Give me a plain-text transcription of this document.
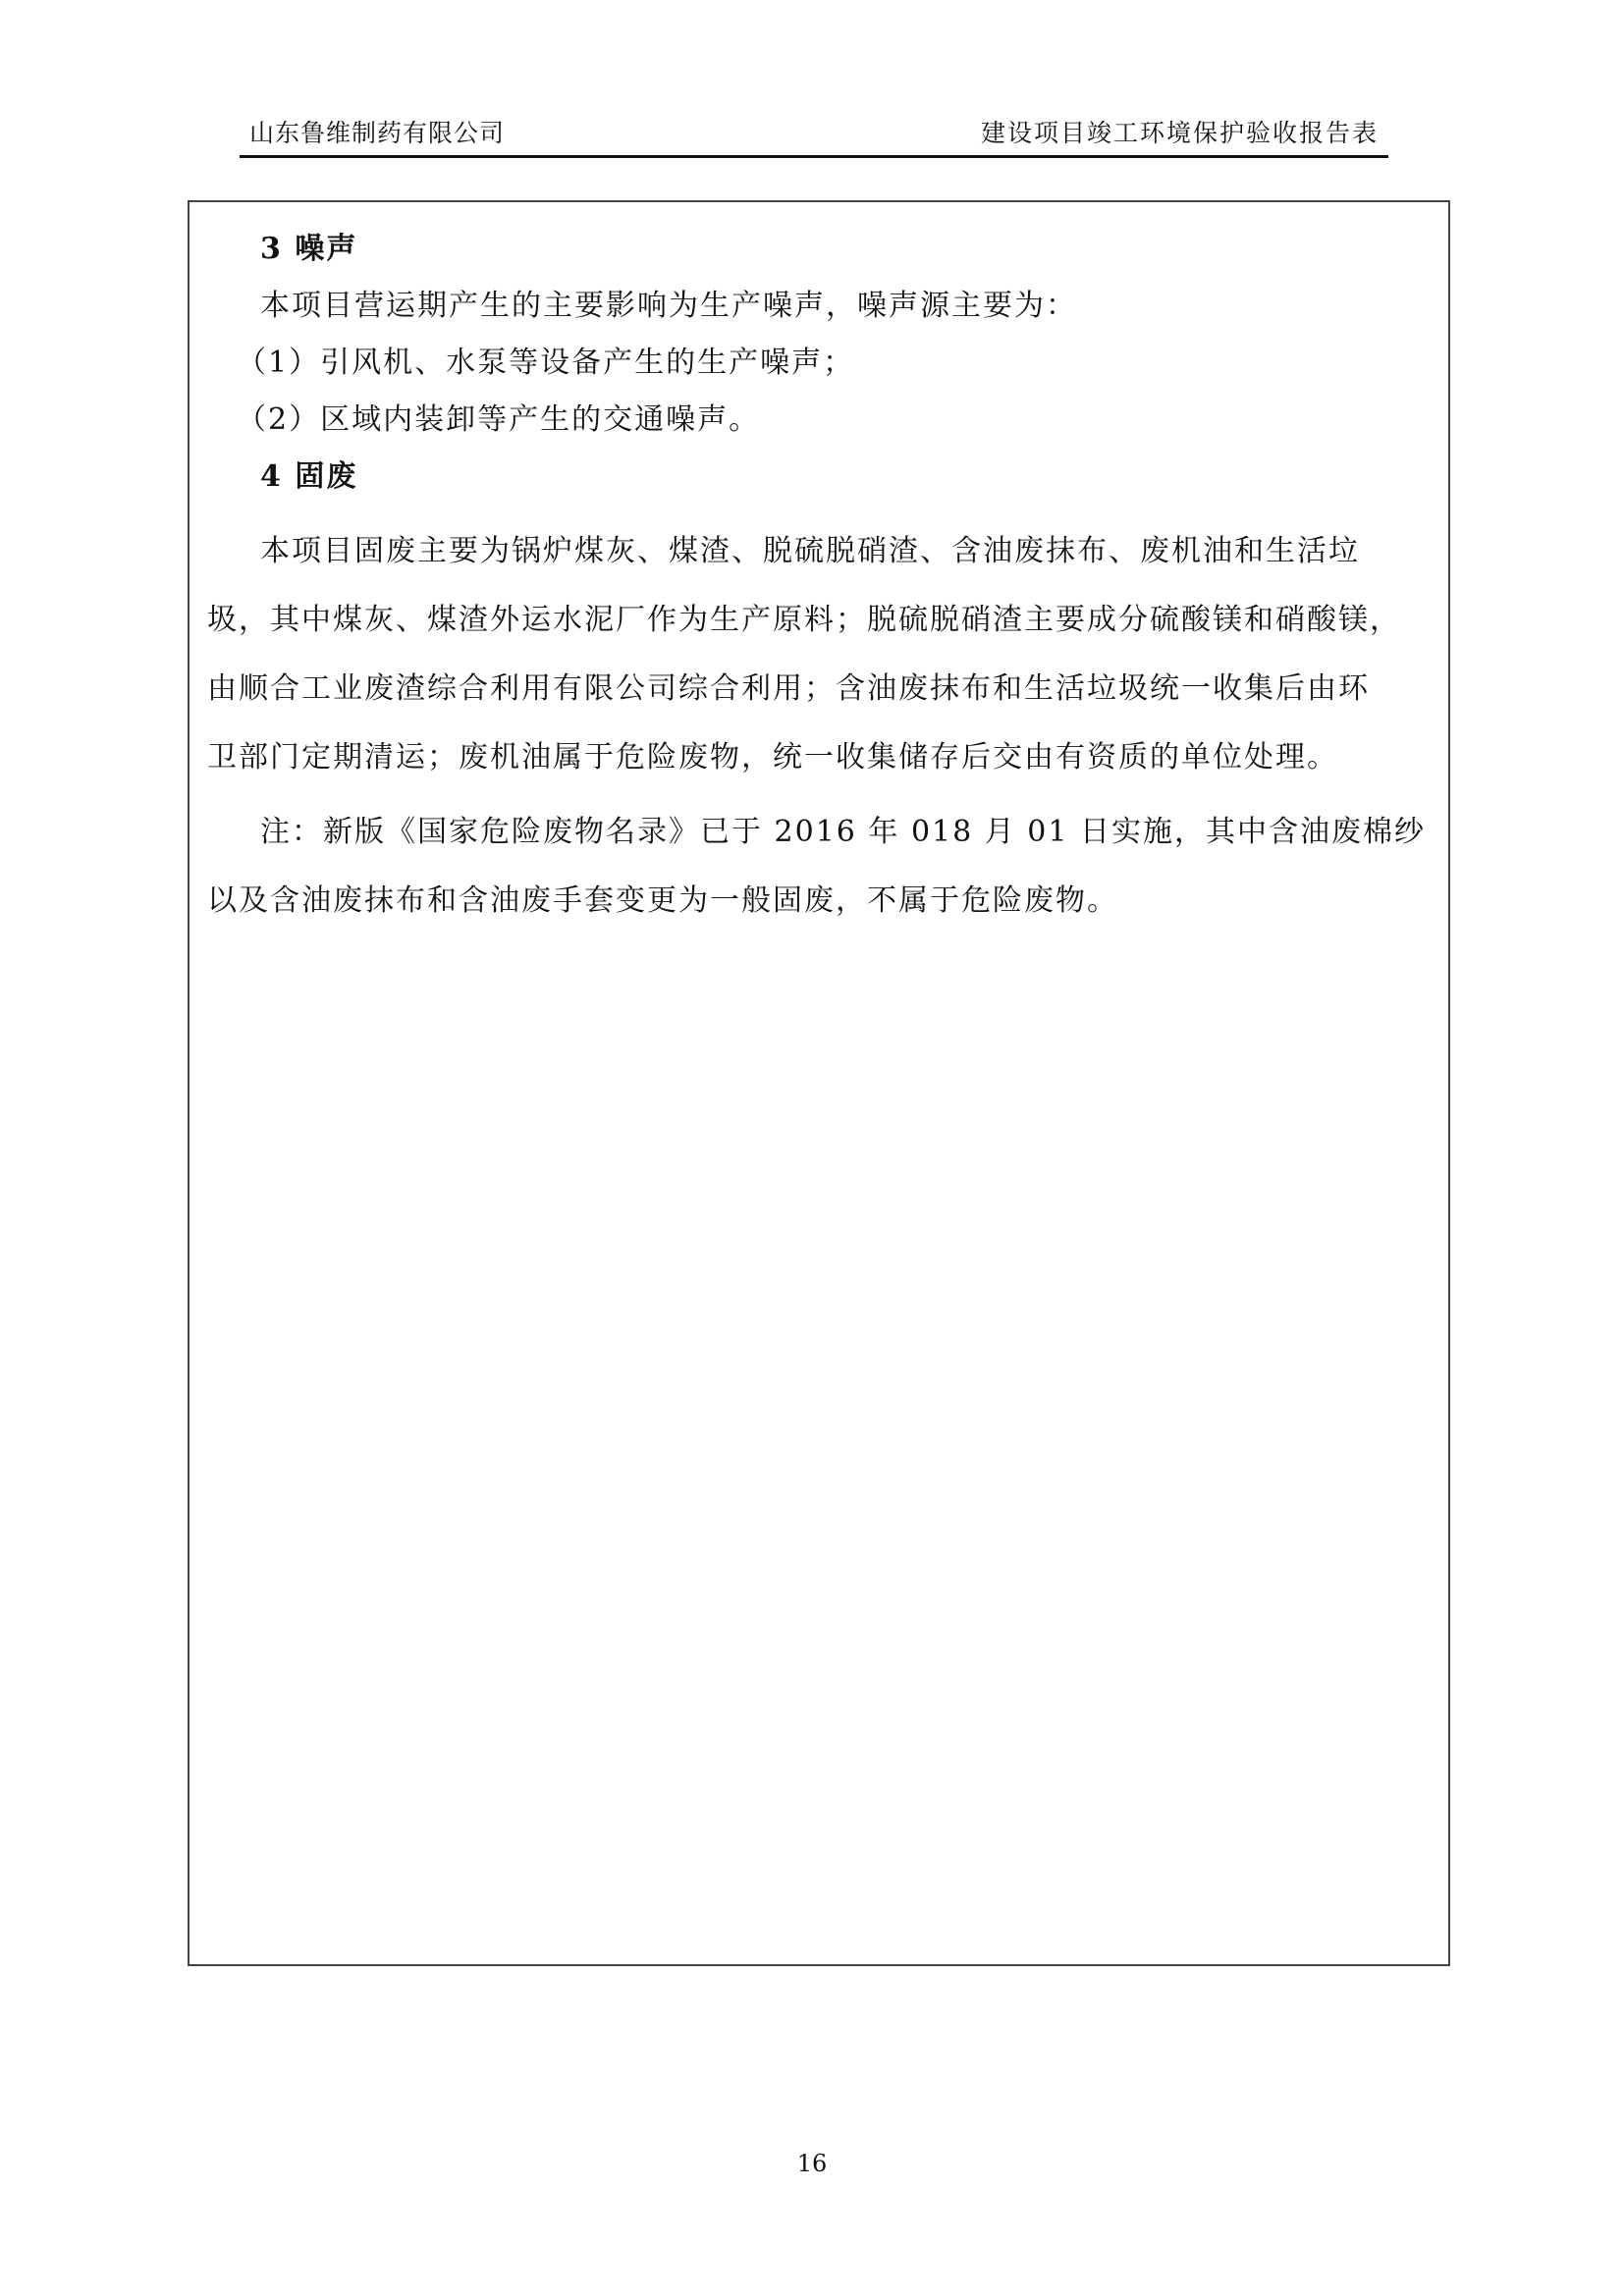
山东鲁维制药有限公司	建设项目竣工环境保护验收报告表
3 噪声
本项目营运期产生的主要影响为生产噪声，噪声源主要为：
（1）引风机、水泵等设备产生的生产噪声；
（2）区域内装卸等产生的交通噪声。
4 固废
本项目固废主要为锅炉煤灰、煤渣、脱硫脱硝渣、含油废抹布、废机油和生活垃
圾，其中煤灰、煤渣外运水泥厂作为生产原料；脱硫脱硝渣主要成分硫酸镁和硝酸镁，
由顺合工业废渣综合利用有限公司综合利用；含油废抹布和生活垃圾统一收集后由环
卫部门定期清运；废机油属于危险废物，统一收集储存后交由有资质的单位处理。
注：新版《国家危险废物名录》已于 2016 年 018 月 01 日实施，其中含油废棉纱
以及含油废抹布和含油废手套变更为一般固废，不属于危险废物。
16
